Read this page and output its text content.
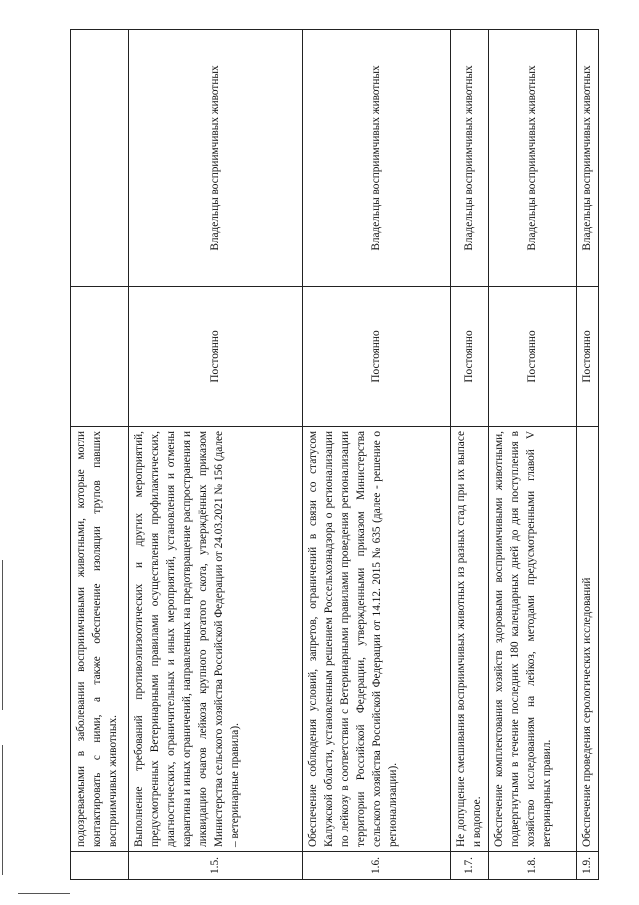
	подозреваемыми в заболевании восприимчивыми животными, которые могли контактировать с ними, а также обеспечение изоляции трупов павших восприимчивых животных.		
1.5.	Выполнение требований противоэпизоотических и других мероприятий, предусмотренных Ветеринарными правилами осуществления профилактических, диагностических, ограничительных и иных мероприятий, установления и отмены карантина и иных ограничений, направленных на предотвращение распространения и ликвидацию очагов лейкоза крупного рогатого скота, утверждённых приказом Министерства сельского хозяйства Российской Федерации от 24.03.2021 № 156 (далее – ветеринарные правила).	Постоянно	Владельцы восприимчивых животных
1.6.	Обеспечение соблюдения условий, запретов, ограничений в связи со статусом Калужской области, установленным решением Россельхознадзора о регионализации по лейкозу в соответствии с Ветеринарными правилами проведения регионализации территории Российской Федерации, утвержденными приказом Министерства сельского хозяйства Российской Федерации от 14.12. 2015 № 635 (далее - решение о регионализации).	Постоянно	Владельцы восприимчивых животных
1.7.	Не допущение смешивания восприимчивых животных из разных стад при их выпасе и водопое.	Постоянно	Владельцы восприимчивых животных
1.8.	Обеспечение комплектования хозяйств здоровыми восприимчивыми животными, подвергнутыми в течение последних 180 календарных дней до дня поступления в хозяйство исследованиям на лейкоз, методами предусмотренными главой V ветеринарных правил.	Постоянно	Владельцы восприимчивых животных
1.9.	Обеспечение проведения серологических исследований	Постоянно	Владельцы восприимчивых животных
